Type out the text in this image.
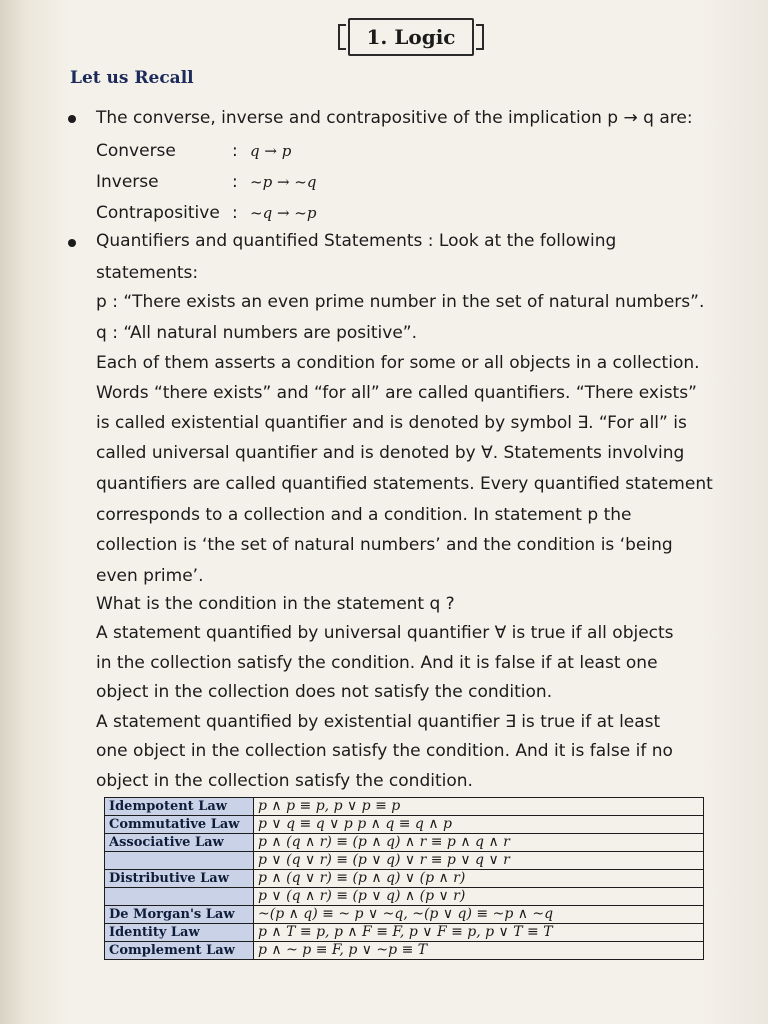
1. Logic
Let us Recall
The converse, inverse and contrapositive of the implication p → q are:
Converse	: q → p
Inverse	: ~p → ~q
Contrapositive : ~q → ~p
Quantifiers and quantified Statements : Look at the following
statements:
p : “There exists an even prime number in the set of natural numbers”.
q : “All natural numbers are positive”.
Each of them asserts a condition for some or all objects in a collection.
Words “there exists” and “for all” are called quantifiers. “There exists”
is called existential quantifier and is denoted by symbol ∃. “For all” is
called universal quantifier and is denoted by ∀. Statements involving
quantifiers are called quantified statements. Every quantified statement
corresponds to a collection and a condition. In statement p the
collection is ‘the set of natural numbers’ and the condition is ‘being
even prime’.
What is the condition in the statement q ?
A statement quantified by universal quantifier ∀ is true if all objects
in the collection satisfy the condition. And it is false if at least one
object in the collection does not satisfy the condition.
A statement quantified by existential quantifier ∃ is true if at least
one object in the collection satisfy the condition. And it is false if no
object in the collection satisfy the condition.
Idempotent Law	p ∧ p ≡ p, p ∨ p ≡ p
Commutative Law	p ∨ q ≡ q ∨ p p ∧ q ≡ q ∧ p
Associative Law	p ∧ (q ∧ r) ≡ (p ∧ q) ∧ r ≡ p ∧ q ∧ r
	p ∨ (q ∨ r) ≡ (p ∨ q) ∨ r ≡ p ∨ q ∨ r
Distributive Law	p ∧ (q ∨ r) ≡ (p ∧ q) ∨ (p ∧ r)
	p ∨ (q ∧ r) ≡ (p ∨ q) ∧ (p ∨ r)
De Morgan's Law	~(p ∧ q) ≡ ~ p ∨ ~q, ~(p ∨ q) ≡ ~p ∧ ~q
Identity Law	p ∧ T ≡ p, p ∧ F ≡ F, p ∨ F ≡ p, p ∨ T ≡ T
Complement Law	p ∧ ~ p ≡ F, p ∨ ~p ≡ T
